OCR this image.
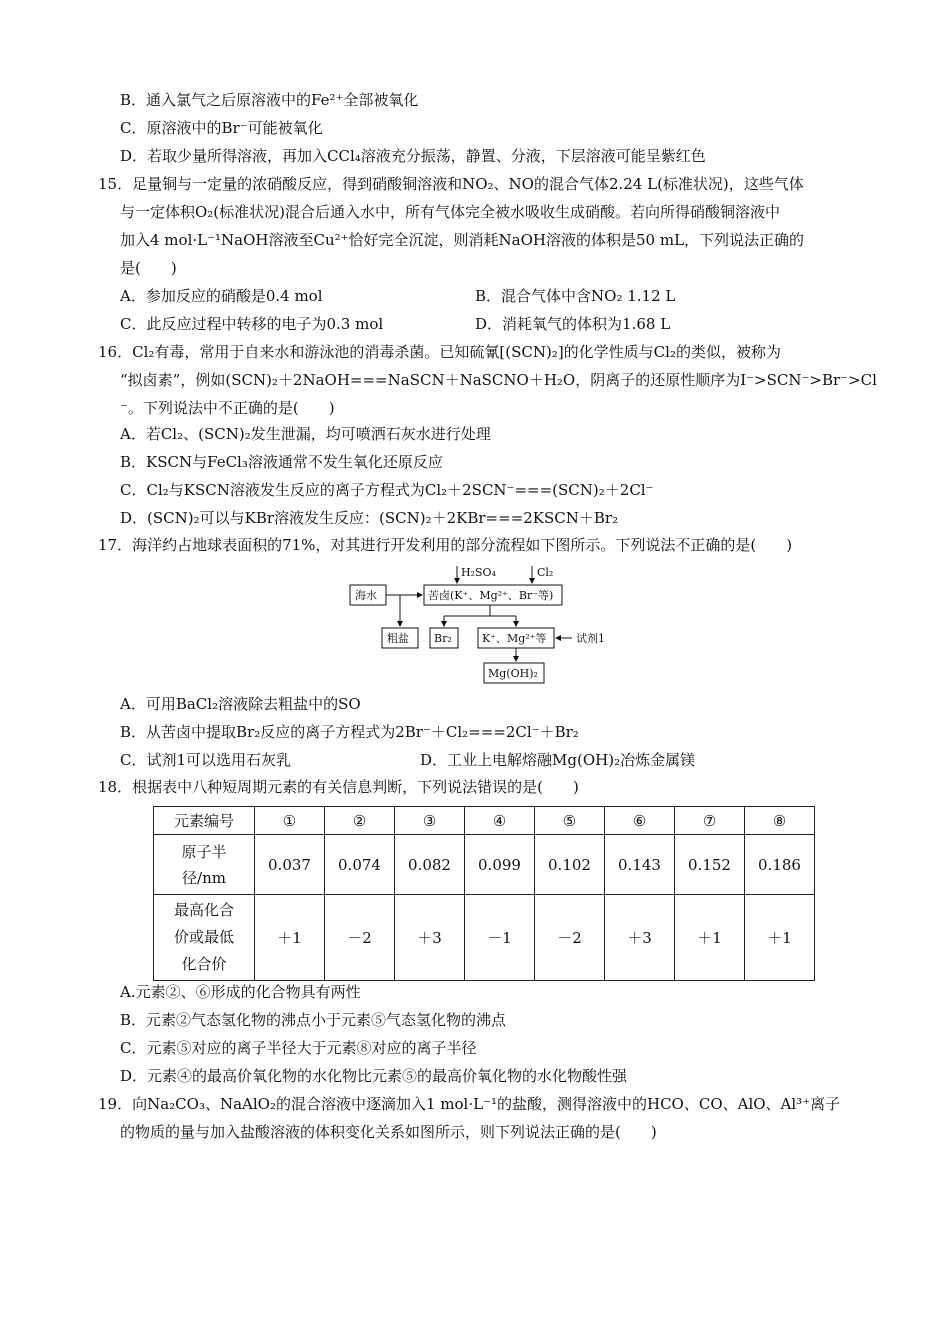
B．通入氯气之后原溶液中的Fe²⁺全部被氧化
C．原溶液中的Br⁻可能被氧化
D．若取少量所得溶液，再加入CCl₄溶液充分振荡，静置、分液，下层溶液可能呈紫红色
15．足量铜与一定量的浓硝酸反应，得到硝酸铜溶液和NO₂、NO的混合气体2.24 L(标准状况)，这些气体
与一定体积O₂(标准状况)混合后通入水中，所有气体完全被水吸收生成硝酸。若向所得硝酸铜溶液中
加入4 mol·L⁻¹NaOH溶液至Cu²⁺恰好完全沉淀，则消耗NaOH溶液的体积是50 mL，下列说法正确的
是(　　)
A．参加反应的硝酸是0.4 mol	B．混合气体中含NO₂ 1.12 L
C．此反应过程中转移的电子为0.3 mol	D．消耗氧气的体积为1.68 L
16．Cl₂有毒，常用于自来水和游泳池的消毒杀菌。已知硫氰[(SCN)₂]的化学性质与Cl₂的类似，被称为
“拟卤素”，例如(SCN)₂＋2NaOH===NaSCN＋NaSCNO＋H₂O，阴离子的还原性顺序为I⁻>SCN⁻>Br⁻>Cl
⁻。下列说法中不正确的是(　　)
A．若Cl₂、(SCN)₂发生泄漏，均可喷洒石灰水进行处理
B．KSCN与FeCl₃溶液通常不发生氧化还原反应
C．Cl₂与KSCN溶液发生反应的离子方程式为Cl₂＋2SCN⁻===(SCN)₂＋2Cl⁻
D．(SCN)₂可以与KBr溶液发生反应：(SCN)₂＋2KBr===2KSCN＋Br₂
17．海洋约占地球表面积的71%，对其进行开发利用的部分流程如下图所示。下列说法不正确的是(　　)
H₂SO₄	Cl₂
海水	苦卤(K⁺、Mg²⁺、Br⁻等)
粗盐 Br₂	K⁺、Mg²⁺等	试剂1
Mg(OH)₂
A．可用BaCl₂溶液除去粗盐中的SO
B．从苦卤中提取Br₂反应的离子方程式为2Br⁻＋Cl₂===2Cl⁻＋Br₂
C．试剂1可以选用石灰乳	D．工业上电解熔融Mg(OH)₂冶炼金属镁
18．根据表中八种短周期元素的有关信息判断，下列说法错误的是(　　)
元素编号	①	②	③	④	⑤	⑥	⑦	⑧

原子半
径/nm	0.037	0.074	0.082	0.099	0.102	0.143	0.152	0.186

最高化合
价或最低
化合价	＋1	－2	＋3	－1	－2	＋3	＋1	＋1
A.元素②、⑥形成的化合物具有两性
B．元素②气态氢化物的沸点小于元素⑤气态氢化物的沸点
C．元素⑤对应的离子半径大于元素⑧对应的离子半径
D．元素④的最高价氧化物的水化物比元素⑤的最高价氧化物的水化物酸性强
19．向Na₂CO₃、NaAlO₂的混合溶液中逐滴加入1 mol·L⁻¹的盐酸，测得溶液中的HCO、CO、AlO、Al³⁺离子
的物质的量与加入盐酸溶液的体积变化关系如图所示，则下列说法正确的是(　　)
